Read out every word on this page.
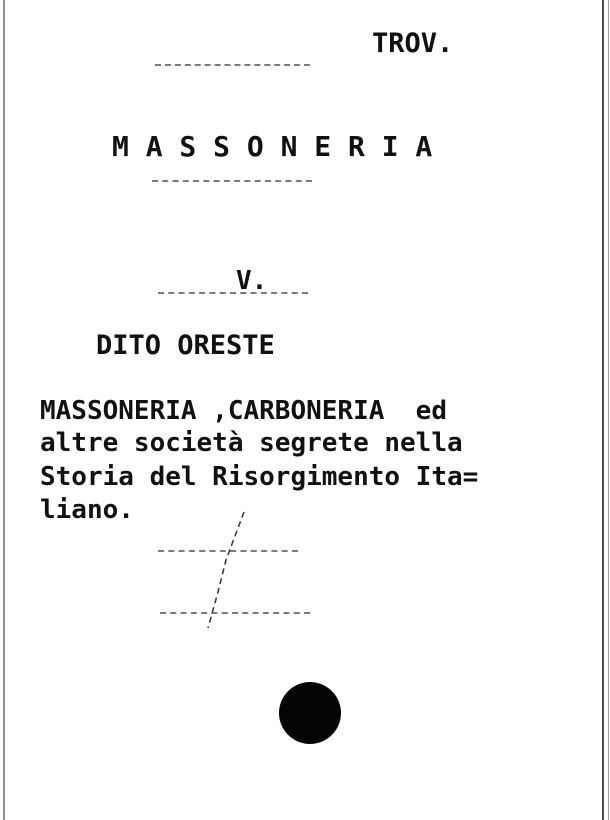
TROV.
M A S S O N E R I A
V.
DITO ORESTE
MASSONERIA ,CARBONERIA  ed
altre società segrete nella
Storia del Risorgimento Ita=
liano.
